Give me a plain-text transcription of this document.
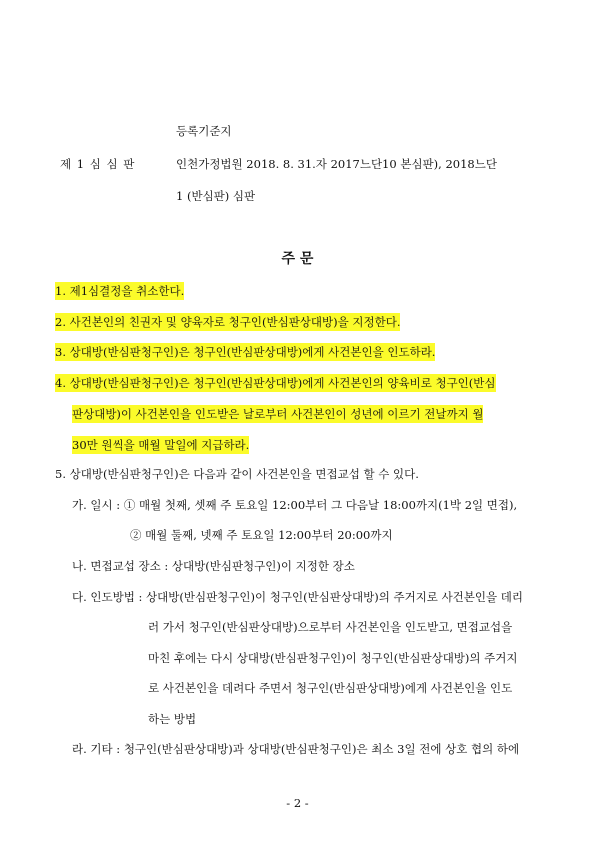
등록기준지
제 1 심 심 판	인천가정법원 2018. 8. 31.자 2017느단10 본심판), 2018느단
1 (반심판) 심판
주 문
1. 제1심결정을 취소한다.
2. 사건본인의 친권자 및 양육자로 청구인(반심판상대방)을 지정한다.
3. 상대방(반심판청구인)은 청구인(반심판상대방)에게 사건본인을 인도하라.
4. 상대방(반심판청구인)은 청구인(반심판상대방)에게 사건본인의 양육비로 청구인(반심
판상대방)이 사건본인을 인도받은 날로부터 사건본인이 성년에 이르기 전날까지 월
30만 원씩을 매월 말일에 지급하라.
5. 상대방(반심판청구인)은 다음과 같이 사건본인을 면접교섭 할 수 있다.
가. 일시 : ① 매월 첫째, 셋째 주 토요일 12:00부터 그 다음날 18:00까지(1박 2일 면접),
② 매월 둘째, 넷째 주 토요일 12:00부터 20:00까지
나. 면접교섭 장소 : 상대방(반심판청구인)이 지정한 장소
다. 인도방법 : 상대방(반심판청구인)이 청구인(반심판상대방)의 주거지로 사건본인을 데리
러 가서 청구인(반심판상대방)으로부터 사건본인을 인도받고, 면접교섭을
마친 후에는 다시 상대방(반심판청구인)이 청구인(반심판상대방)의 주거지
로 사건본인을 데려다 주면서 청구인(반심판상대방)에게 사건본인을 인도
하는 방법
라. 기타 : 청구인(반심판상대방)과 상대방(반심판청구인)은 최소 3일 전에 상호 협의 하에
- 2 -
